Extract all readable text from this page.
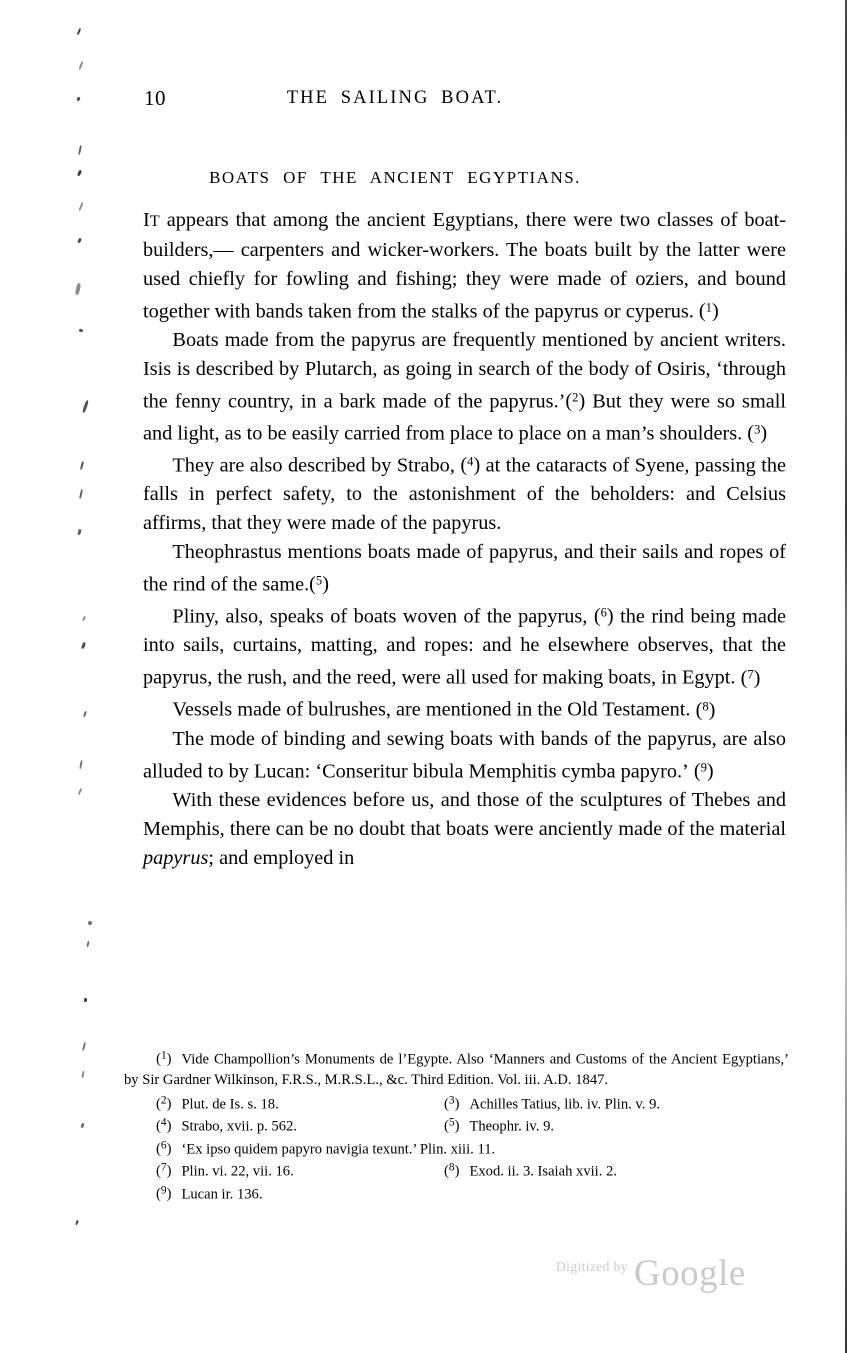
10	THE SAILING BOAT.
BOATS OF THE ANCIENT EGYPTIANS.

IT appears that among the ancient Egyptians, there were two classes of boat-builders,— carpenters and wicker-workers. The boats built by the latter were used chiefly for fowling and fishing; they were made of oziers, and bound together with bands taken from the stalks of the papyrus or cyperus. ($^1$)

Boats made from the papyrus are frequently mentioned by ancient writers. Isis is described by Plutarch, as going in search of the body of Osiris, ‘through the fenny country, in a bark made of the papyrus.’($^2$) But they were so small and light, as to be easily carried from place to place on a man’s shoulders. ($^3$)

They are also described by Strabo, ($^4$) at the cataracts of Syene, passing the falls in perfect safety, to the astonishment of the beholders: and Celsius affirms, that they were made of the papyrus.

Theophrastus mentions boats made of papyrus, and their sails and ropes of the rind of the same.($^5$)

Pliny, also, speaks of boats woven of the papyrus, ($^6$) the rind being made into sails, curtains, matting, and ropes: and he elsewhere observes, that the papyrus, the rush, and the reed, were all used for making boats, in Egypt. ($^7$)

Vessels made of bulrushes, are mentioned in the Old Testament. ($^8$)

The mode of binding and sewing boats with bands of the papyrus, are also alluded to by Lucan: ‘Conseritur bibula Memphitis cymba papyro.’ ($^9$)

With these evidences before us, and those of the sculptures of Thebes and Memphis, there can be no doubt that boats were anciently made of the material papyrus; and employed in

($^1$) Vide Champollion’s Monuments de l’Egypte. Also ‘Manners and Customs of the Ancient Egyptians,’ by Sir Gardner Wilkinson, F.R.S., M.R.S.L., &c. Third Edition. Vol. iii. A.D. 1847.

($^2$) Plut. de Is. s. 18.	($^3$) Achilles Tatius, lib. iv. Plin. v. 9.
($^4$) Strabo, xvii. p. 562.	($^5$) Theophr. iv. 9.
($^6$) ‘Ex ipso quidem papyro navigia texunt.’ Plin. xiii. 11.
($^7$) Plin. vi. 22, vii. 16.	($^8$) Exod. ii. 3. Isaiah xvii. 2.
($^9$) Lucan ir. 136.
$^{Digitized by}$ Google
